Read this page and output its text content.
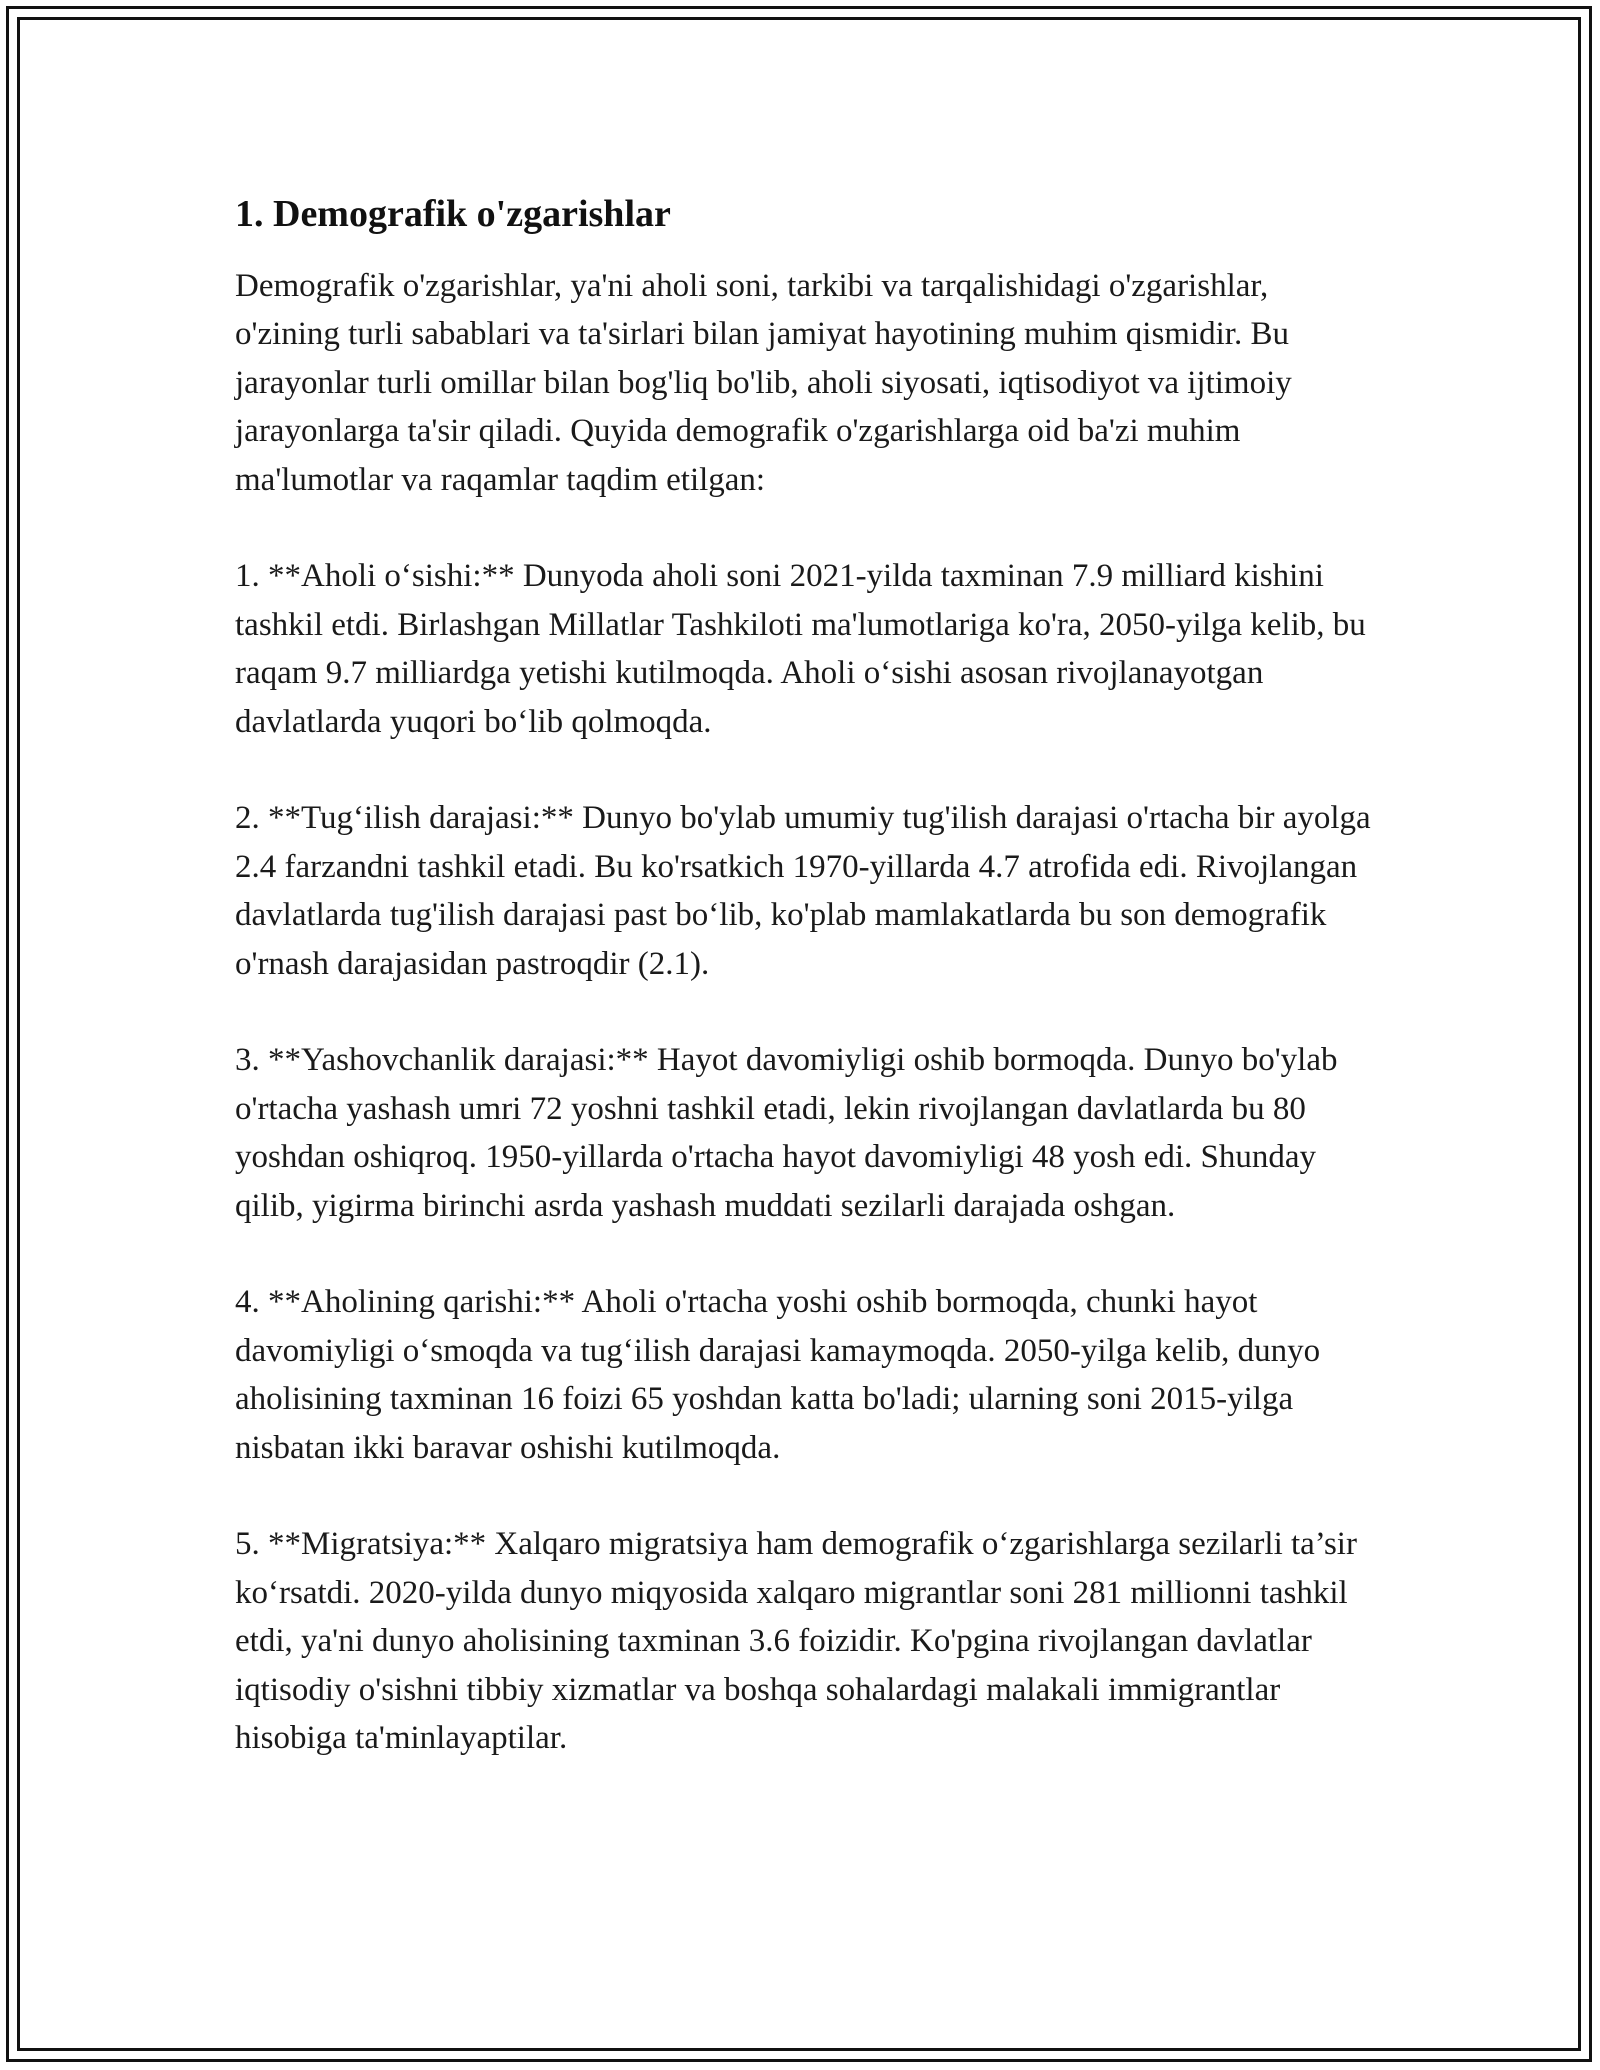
1. Demografik o'zgarishlar

Demografik o'zgarishlar, ya'ni aholi soni, tarkibi va tarqalishidagi o'zgarishlar, o'zining turli sabablari va ta'sirlari bilan jamiyat hayotining muhim qismidir. Bu jarayonlar turli omillar bilan bog'liq bo'lib, aholi siyosati, iqtisodiyot va ijtimoiy jarayonlarga ta'sir qiladi. Quyida demografik o'zgarishlarga oid ba'zi muhim ma'lumotlar va raqamlar taqdim etilgan:

1. **Aholi o‘sishi:** Dunyoda aholi soni 2021-yilda taxminan 7.9 milliard kishini tashkil etdi. Birlashgan Millatlar Tashkiloti ma'lumotlariga ko'ra, 2050-yilga kelib, bu raqam 9.7 milliardga yetishi kutilmoqda. Aholi o‘sishi asosan rivojlanayotgan davlatlarda yuqori bo‘lib qolmoqda.

2. **Tug‘ilish darajasi:** Dunyo bo'ylab umumiy tug'ilish darajasi o'rtacha bir ayolga 2.4 farzandni tashkil etadi. Bu ko'rsatkich 1970-yillarda 4.7 atrofida edi. Rivojlangan davlatlarda tug'ilish darajasi past bo‘lib, ko'plab mamlakatlarda bu son demografik o'rnash darajasidan pastroqdir (2.1).

3. **Yashovchanlik darajasi:** Hayot davomiyligi oshib bormoqda. Dunyo bo'ylab o'rtacha yashash umri 72 yoshni tashkil etadi, lekin rivojlangan davlatlarda bu 80 yoshdan oshiqroq. 1950-yillarda o'rtacha hayot davomiyligi 48 yosh edi. Shunday qilib, yigirma birinchi asrda yashash muddati sezilarli darajada oshgan.

4. **Aholining qarishi:** Aholi o'rtacha yoshi oshib bormoqda, chunki hayot davomiyligi o‘smoqda va tug‘ilish darajasi kamaymoqda. 2050-yilga kelib, dunyo aholisining taxminan 16 foizi 65 yoshdan katta bo'ladi; ularning soni 2015-yilga nisbatan ikki baravar oshishi kutilmoqda.

5. **Migratsiya:** Xalqaro migratsiya ham demografik o‘zgarishlarga sezilarli ta’sir ko‘rsatdi. 2020-yilda dunyo miqyosida xalqaro migrantlar soni 281 millionni tashkil etdi, ya'ni dunyo aholisining taxminan 3.6 foizidir. Ko'pgina rivojlangan davlatlar iqtisodiy o'sishni tibbiy xizmatlar va boshqa sohalardagi malakali immigrantlar hisobiga ta'minlayaptilar.
